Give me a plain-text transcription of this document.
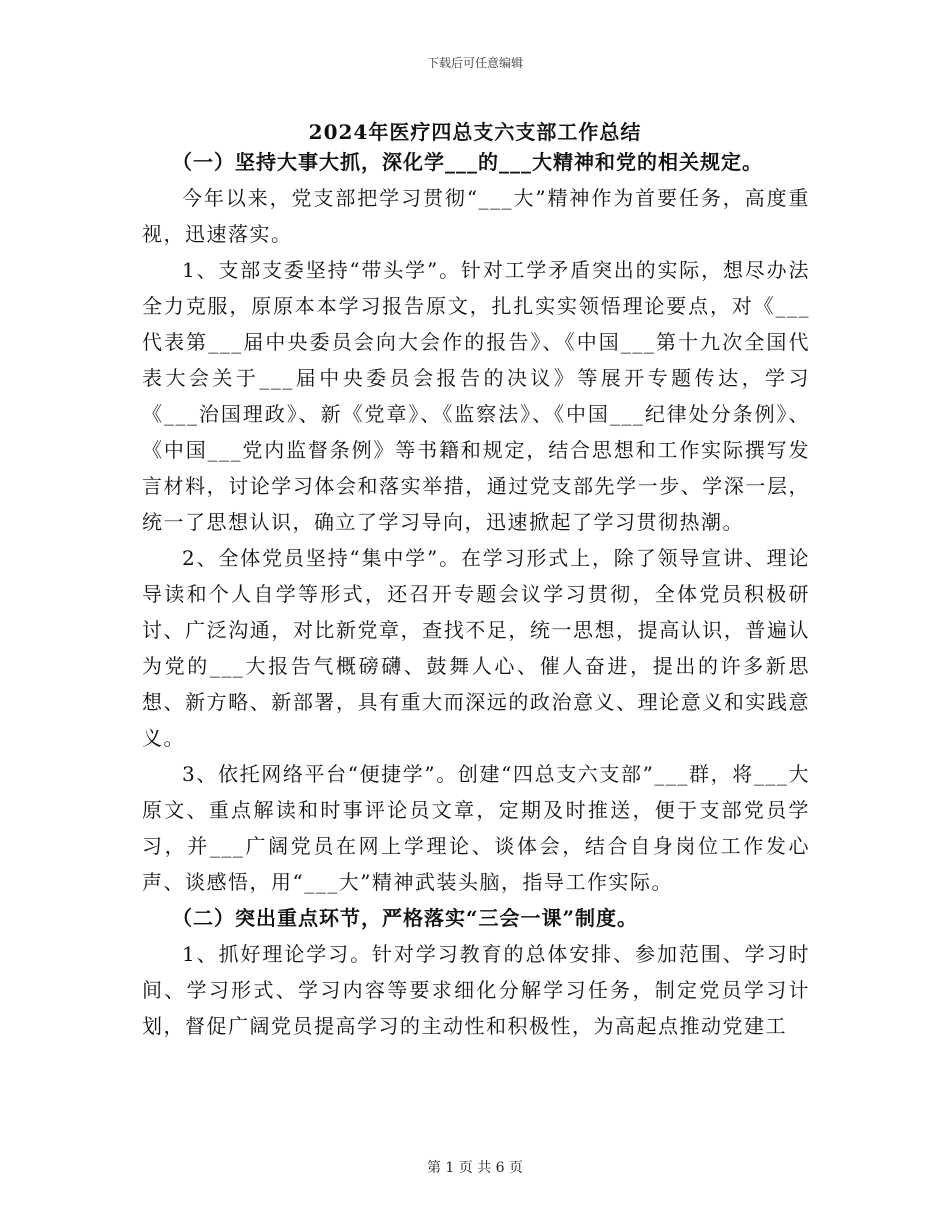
下载后可任意编辑
2024年医疗四总支六支部工作总结

（一）坚持大事大抓，深化学___的___大精神和党的相关规定。

今年以来，党支部把学习贯彻“___大”精神作为首要任务，高度重视，迅速落实。

1、支部支委坚持“带头学”。针对工学矛盾突出的实际，想尽办法全力克服，原原本本学习报告原文，扎扎实实领悟理论要点，对《___代表第___届中央委员会向大会作的报告》、《中国___第十九次全国代表大会关于___届中央委员会报告的决议》等展开专题传达，学习《___治国理政》、新《党章》、《监察法》、《中国___纪律处分条例》、《中国___党内监督条例》等书籍和规定，结合思想和工作实际撰写发言材料，讨论学习体会和落实举措，通过党支部先学一步、学深一层，统一了思想认识，确立了学习导向，迅速掀起了学习贯彻热潮。

2、全体党员坚持“集中学”。在学习形式上，除了领导宣讲、理论导读和个人自学等形式，还召开专题会议学习贯彻，全体党员积极研讨、广泛沟通，对比新党章，查找不足，统一思想，提高认识，普遍认为党的___大报告气概磅礴、鼓舞人心、催人奋进，提出的许多新思想、新方略、新部署，具有重大而深远的政治意义、理论意义和实践意义。

3、依托网络平台“便捷学”。创建“四总支六支部”___群，将___大原文、重点解读和时事评论员文章，定期及时推送，便于支部党员学习，并___广阔党员在网上学理论、谈体会，结合自身岗位工作发心声、谈感悟，用“___大”精神武装头脑，指导工作实际。

（二）突出重点环节，严格落实“三会一课”制度。

1、抓好理论学习。针对学习教育的总体安排、参加范围、学习时间、学习形式、学习内容等要求细化分解学习任务，制定党员学习计划，督促广阔党员提高学习的主动性和积极性，为高起点推动党建工

第 1 页 共 6 页
